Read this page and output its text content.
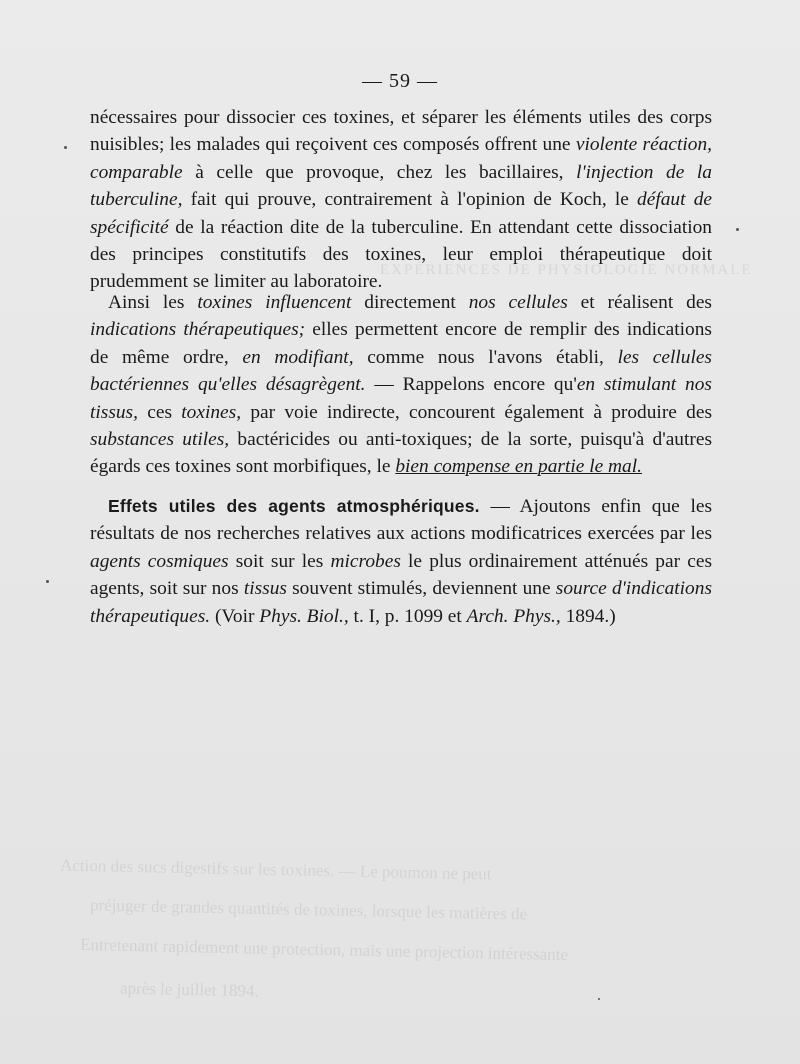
EXPÉRIENCES DE PHYSIOLOGIE NORMALE
Action des sucs digestifs sur les toxines. — Le poumon ne peut
préjuger de grandes quantités de toxines, lorsque les matières de
Entretenant rapidement une protection, mais une projection intéressante
après le juillet 1894.
— 59 —

nécessaires pour dissocier ces toxines, et séparer les éléments utiles des corps nuisibles; les malades qui reçoivent ces composés offrent une violente réaction, comparable à celle que provoque, chez les bacillaires, l'injection de la tuberculine, fait qui prouve, contrairement à l'opinion de Koch, le défaut de spécificité de la réaction dite de la tuberculine. En attendant cette dissociation des principes constitutifs des toxines, leur emploi thérapeutique doit prudemment se limiter au laboratoire.

Ainsi les toxines influencent directement nos cellules et réalisent des indications thérapeutiques; elles permettent encore de remplir des indications de même ordre, en modifiant, comme nous l'avons établi, les cellules bactériennes qu'elles désagrègent. — Rappelons encore qu'en stimulant nos tissus, ces toxines, par voie indirecte, concourent également à produire des substances utiles, bactéricides ou anti-toxiques; de la sorte, puisqu'à d'autres égards ces toxines sont morbifiques, le bien compense en partie le mal.

Effets utiles des agents atmosphériques. — Ajoutons enfin que les résultats de nos recherches relatives aux actions modificatrices exercées par les agents cosmiques soit sur les microbes le plus ordinairement atténués par ces agents, soit sur nos tissus souvent stimulés, deviennent une source d'indications thérapeutiques. (Voir Phys. Biol., t. I, p. 1099 et Arch. Phys., 1894.)
